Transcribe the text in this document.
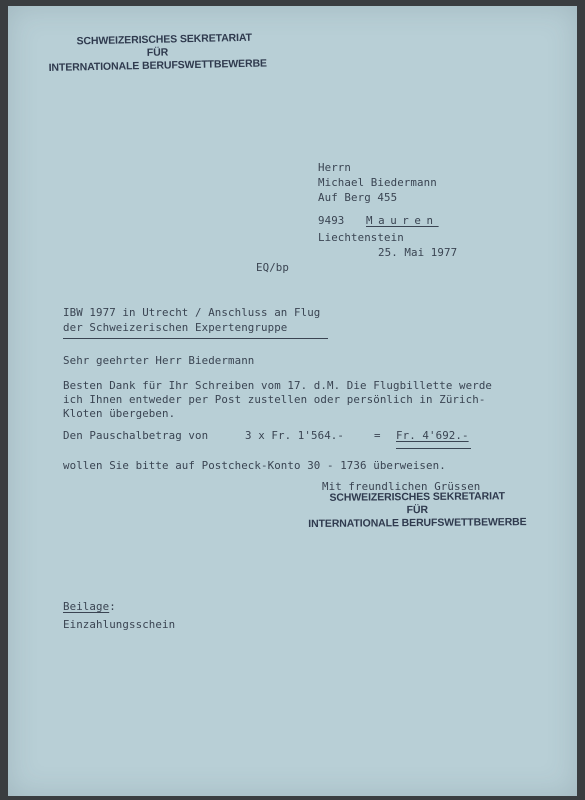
SCHWEIZERISCHES SEKRETARIAT
FÜR
INTERNATIONALE BERUFSWETTBEWERBE
Herrn
Michael Biedermann
Auf Berg 455
9493 Mauren
Liechtenstein
25. Mai 1977
EQ/bp
IBW 1977 in Utrecht / Anschluss an Flug
der Schweizerischen Expertengruppe
Sehr geehrter Herr Biedermann
Besten Dank für Ihr Schreiben vom 17. d.M. Die Flugbillette werde
ich Ihnen entweder per Post zustellen oder persönlich in Zürich-
Kloten übergeben.
Den Pauschalbetrag von	3 x Fr. 1'564.-	= Fr. 4'692.-
wollen Sie bitte auf Postcheck-Konto 30 - 1736 überweisen.
Mit freundlichen Grüssen
SCHWEIZERISCHES SEKRETARIAT
FÜR
INTERNATIONALE BERUFSWETTBEWERBE
Beilage:
Einzahlungsschein
